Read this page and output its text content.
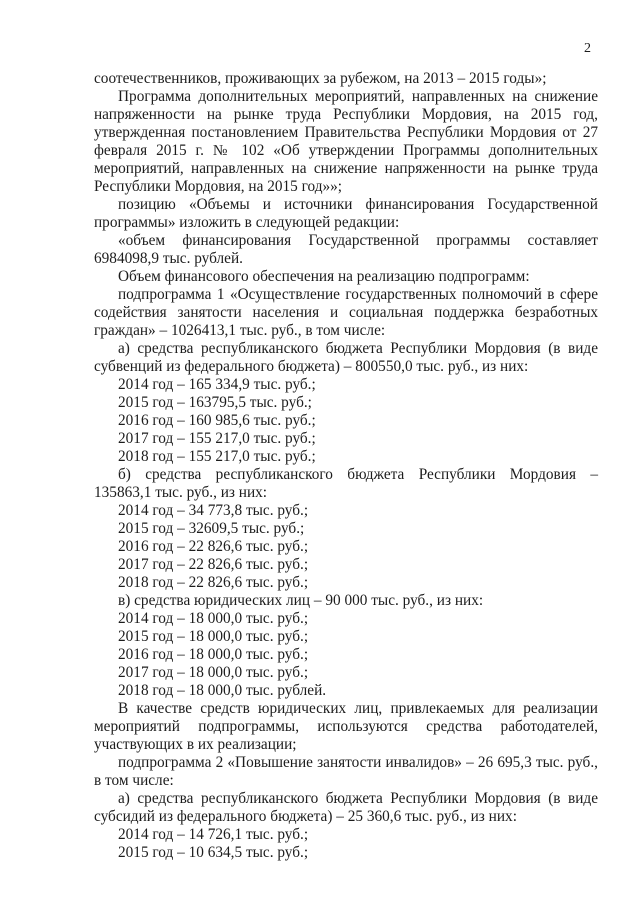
2

соотечественников, проживающих за рубежом, на 2013 – 2015 годы»;

Программа дополнительных мероприятий, направленных на снижение

напряженности на рынке труда Республики Мордовия, на 2015 год,

утвержденная постановлением Правительства Республики Мордовия от 27

февраля 2015 г. № 102 «Об утверждении Программы дополнительных

мероприятий, направленных на снижение напряженности на рынке труда

Республики Мордовия, на 2015 год»»;

позицию «Объемы и источники финансирования Государственной

программы» изложить в следующей редакции:

«объем финансирования Государственной программы составляет

6984098,9 тыс. рублей.

Объем финансового обеспечения на реализацию подпрограмм:

подпрограмма 1 «Осуществление государственных полномочий в сфере

содействия занятости населения и социальная поддержка безработных

граждан» – 1026413,1 тыс. руб., в том числе:

а) средства республиканского бюджета Республики Мордовия (в виде

субвенций из федерального бюджета) – 800550,0 тыс. руб., из них:

2014 год – 165 334,9 тыс. руб.;

2015 год – 163795,5 тыс. руб.;

2016 год – 160 985,6 тыс. руб.;

2017 год – 155 217,0 тыс. руб.;

2018 год – 155 217,0 тыс. руб.;

б) средства республиканского бюджета Республики Мордовия –

135863,1 тыс. руб., из них:

2014 год – 34 773,8 тыс. руб.;

2015 год – 32609,5 тыс. руб.;

2016 год – 22 826,6 тыс. руб.;

2017 год – 22 826,6 тыс. руб.;

2018 год – 22 826,6 тыс. руб.;

в) средства юридических лиц – 90 000 тыс. руб., из них:

2014 год – 18 000,0 тыс. руб.;

2015 год – 18 000,0 тыс. руб.;

2016 год – 18 000,0 тыс. руб.;

2017 год – 18 000,0 тыс. руб.;

2018 год – 18 000,0 тыс. рублей.

В качестве средств юридических лиц, привлекаемых для реализации

мероприятий подпрограммы, используются средства работодателей,

участвующих в их реализации;

подпрограмма 2 «Повышение занятости инвалидов» – 26 695,3 тыс. руб.,

в том числе:

а) средства республиканского бюджета Республики Мордовия (в виде

субсидий из федерального бюджета) – 25 360,6 тыс. руб., из них:

2014 год – 14 726,1 тыс. руб.;

2015 год – 10 634,5 тыс. руб.;
